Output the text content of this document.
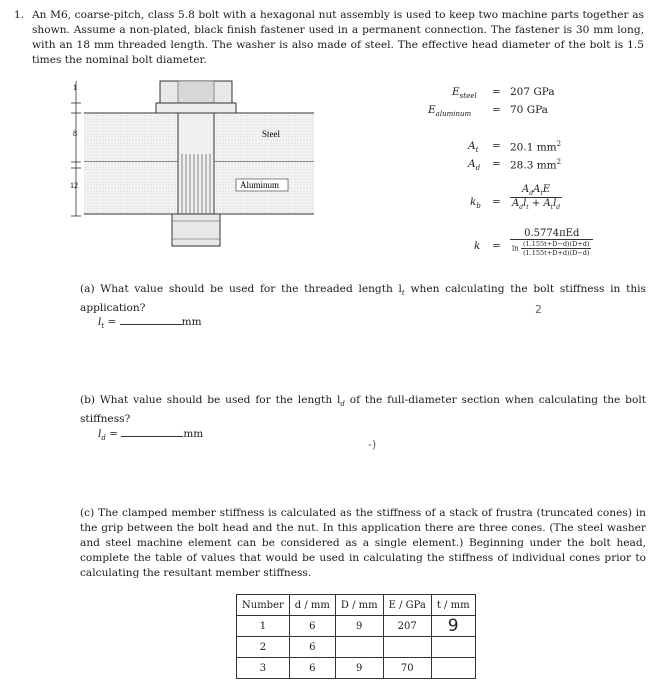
1. An M6, coarse-pitch, class 5.8 bolt with a hexagonal nut assembly is used to keep two machine parts together as shown. Assume a non-plated, black finish fastener used in a permanent connection. The fastener is 30 mm long, with an 18 mm threaded length. The washer is also made of steel. The effective head diameter of the bolt is 1.5 times the nominal bolt diameter.
1
8
12
Steel
Aluminum
$E_{steel} = 207$ GPa
$E_{aluminum} = 70$ GPa
$A_t = 20.1$ $mm^2$
$A_d = 28.3$ $mm^2$
$k_b = \frac{A_dA_tE}{A_dl_t + A_tl_d}$
k =
0.5774πEd
$\ln \frac{(1.155t+D-d)(D+d)}{(1.155t+D+d)(D-d)}$
(a) What value should be used for the threaded length $l_t$ when calculating the bolt stiffness in this application?
$l_t$ =	mm
2
(b) What value should be used for the length $l_d$ of the full-diameter section when calculating the bolt stiffness?
$l_d$ =	mm
-)
(c) The clamped member stiffness is calculated as the stiffness of a stack of frustra (truncated cones) in the grip between the bolt head and the nut. In this application there are three cones. (The steel washer and steel machine element can be considered as a single element.) Beginning under the bolt head, complete the table of values that would be used in calculating the stiffness of individual cones prior to calculating the resultant member stiffness.
Number	d / mm	D / mm	E / GPa	t / mm
1	6	9	207	9
2	6			
3	6	9	70	
